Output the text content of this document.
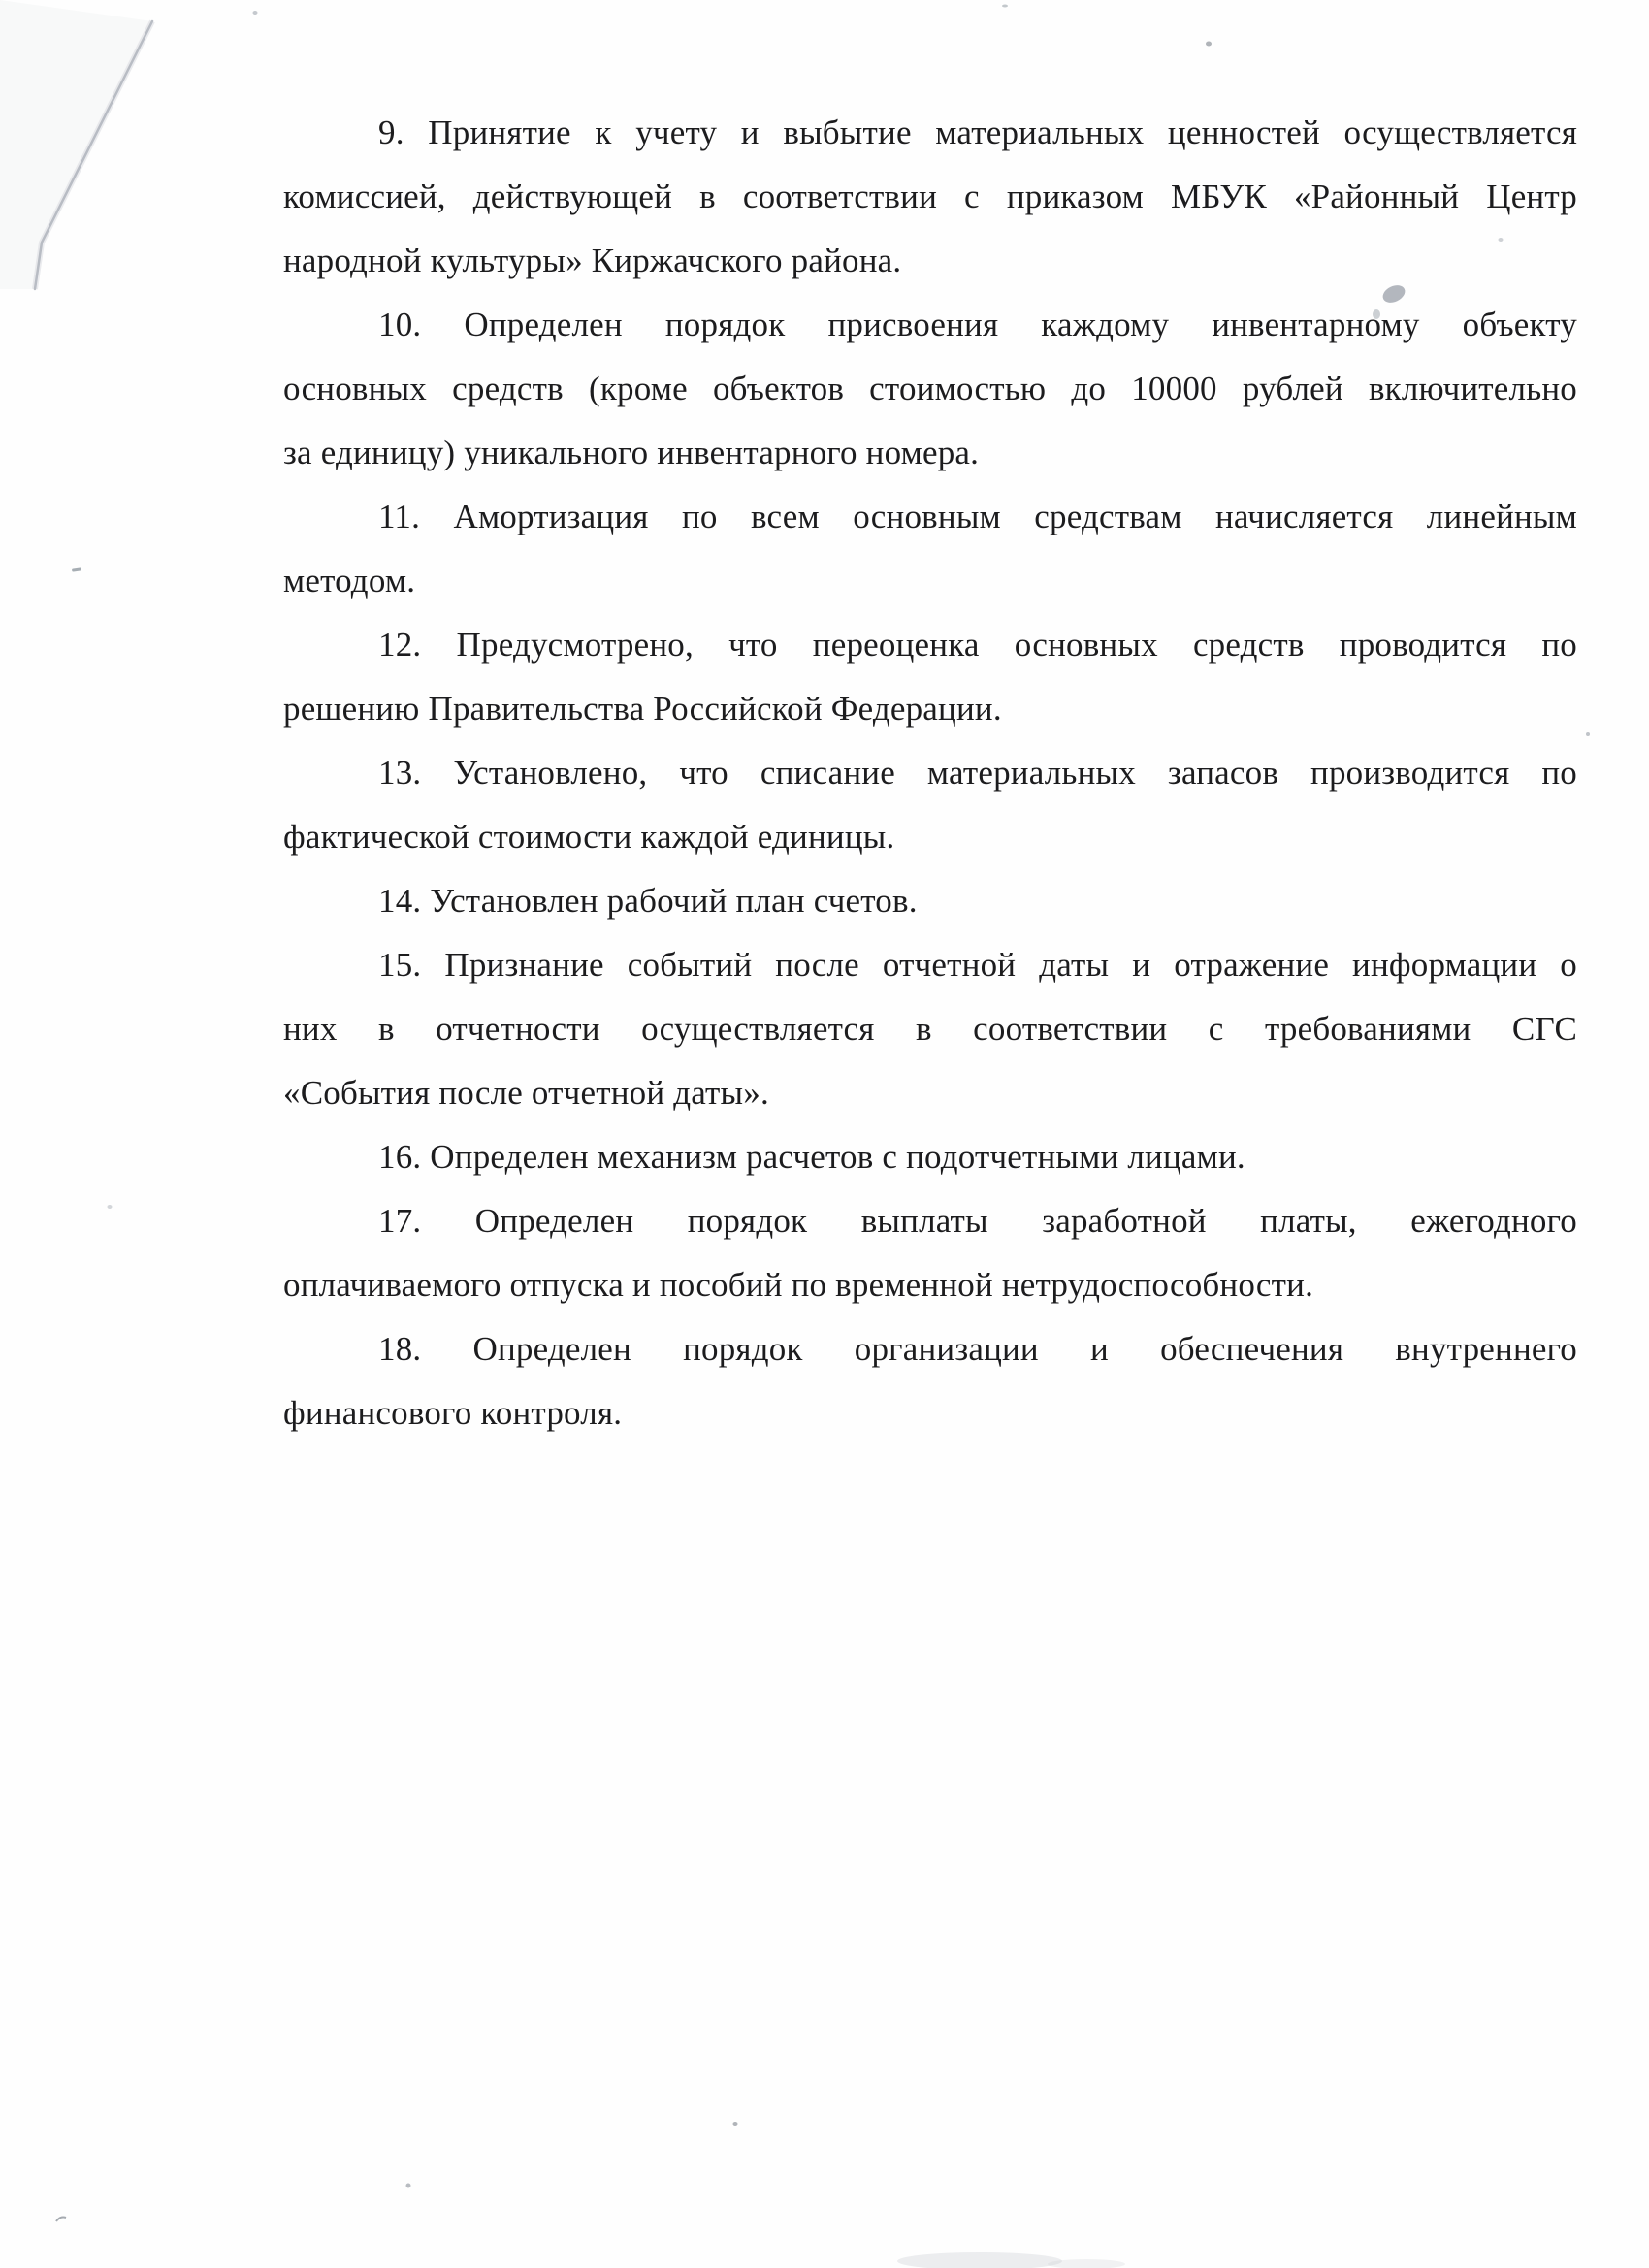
9. Принятие к учету и выбытие материальных ценностей осуществляется
комиссией, действующей в соответствии с приказом МБУК «Районный Центр
народной культуры» Киржачского района.

10. Определен порядок присвоения каждому инвентарному объекту
основных средств (кроме объектов стоимостью до 10000 рублей включительно
за единицу) уникального инвентарного номера.

11. Амортизация по всем основным средствам начисляется линейным
методом.

12. Предусмотрено, что переоценка основных средств проводится по
решению Правительства Российской Федерации.

13. Установлено, что списание материальных запасов производится по
фактической стоимости каждой единицы.

14. Установлен рабочий план счетов.

15. Признание событий после отчетной даты и отражение информации о
них в отчетности осуществляется в соответствии с требованиями СГС
«События после отчетной даты».

16. Определен механизм расчетов с подотчетными лицами.

17. Определен порядок выплаты заработной платы, ежегодного
оплачиваемого отпуска и пособий по временной нетрудоспособности.

18. Определен порядок организации и обеспечения внутреннего
финансового контроля.
